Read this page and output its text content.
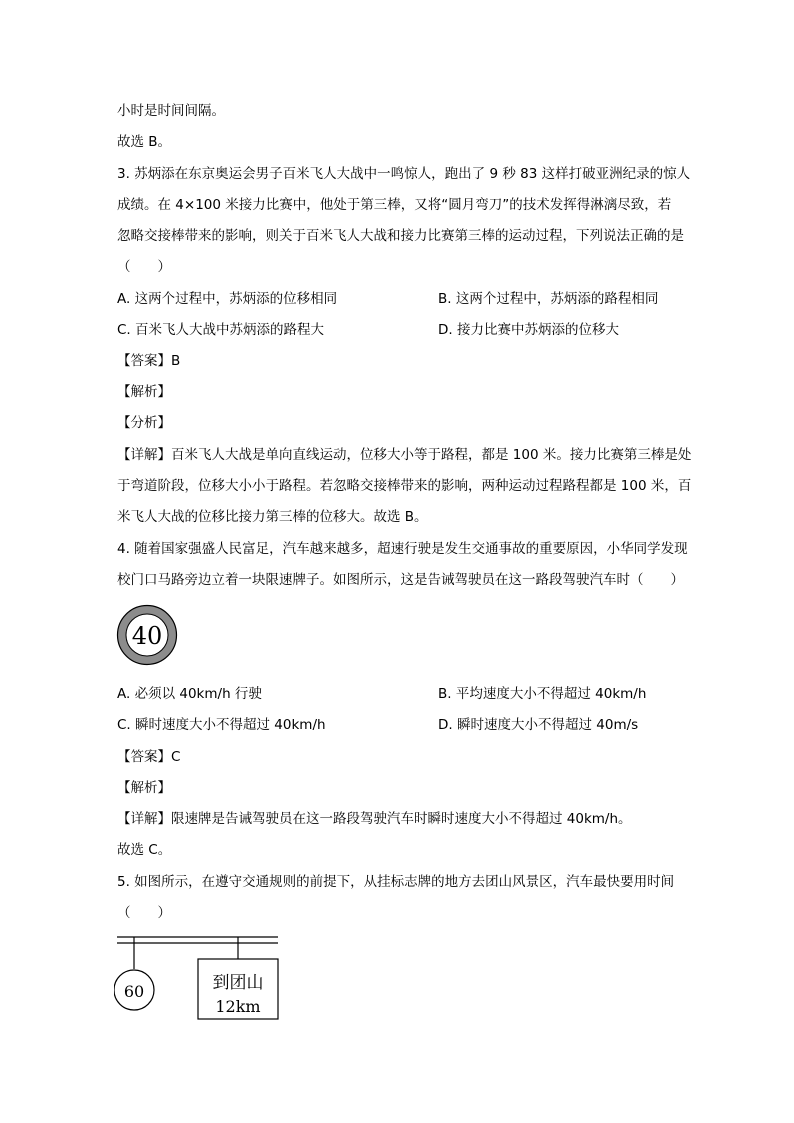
小时是时间间隔。
故选 B。
3. 苏炳添在东京奥运会男子百米飞人大战中一鸣惊人，跑出了 9 秒 83 这样打破亚洲纪录的惊人
成绩。在 4×100 米接力比赛中，他处于第三棒，又将“圆月弯刀”的技术发挥得淋漓尽致，若
忽略交接棒带来的影响，则关于百米飞人大战和接力比赛第三棒的运动过程，下列说法正确的是
（　　）
A. 这两个过程中，苏炳添的位移相同	B. 这两个过程中，苏炳添的路程相同
C. 百米飞人大战中苏炳添的路程大	D. 接力比赛中苏炳添的位移大
【答案】B
【解析】
【分析】
【详解】百米飞人大战是单向直线运动，位移大小等于路程，都是 100 米。接力比赛第三棒是处
于弯道阶段，位移大小小于路程。若忽略交接棒带来的影响，两种运动过程路程都是 100 米，百
米飞人大战的位移比接力第三棒的位移大。故选 B。
4. 随着国家强盛人民富足，汽车越来越多，超速行驶是发生交通事故的重要原因，小华同学发现
校门口马路旁边立着一块限速牌子。如图所示，这是告诫驾驶员在这一路段驾驶汽车时（　　）
40
A. 必须以 40km/h 行驶	B. 平均速度大小不得超过 40km/h
C. 瞬时速度大小不得超过 40km/h	D. 瞬时速度大小不得超过 40m/s
【答案】C
【解析】
【详解】限速牌是告诫驾驶员在这一路段驾驶汽车时瞬时速度大小不得超过 40km/h。
故选 C。
5. 如图所示，在遵守交通规则的前提下，从挂标志牌的地方去团山风景区，汽车最快要用时间
（　　）
60	到团山
12km
